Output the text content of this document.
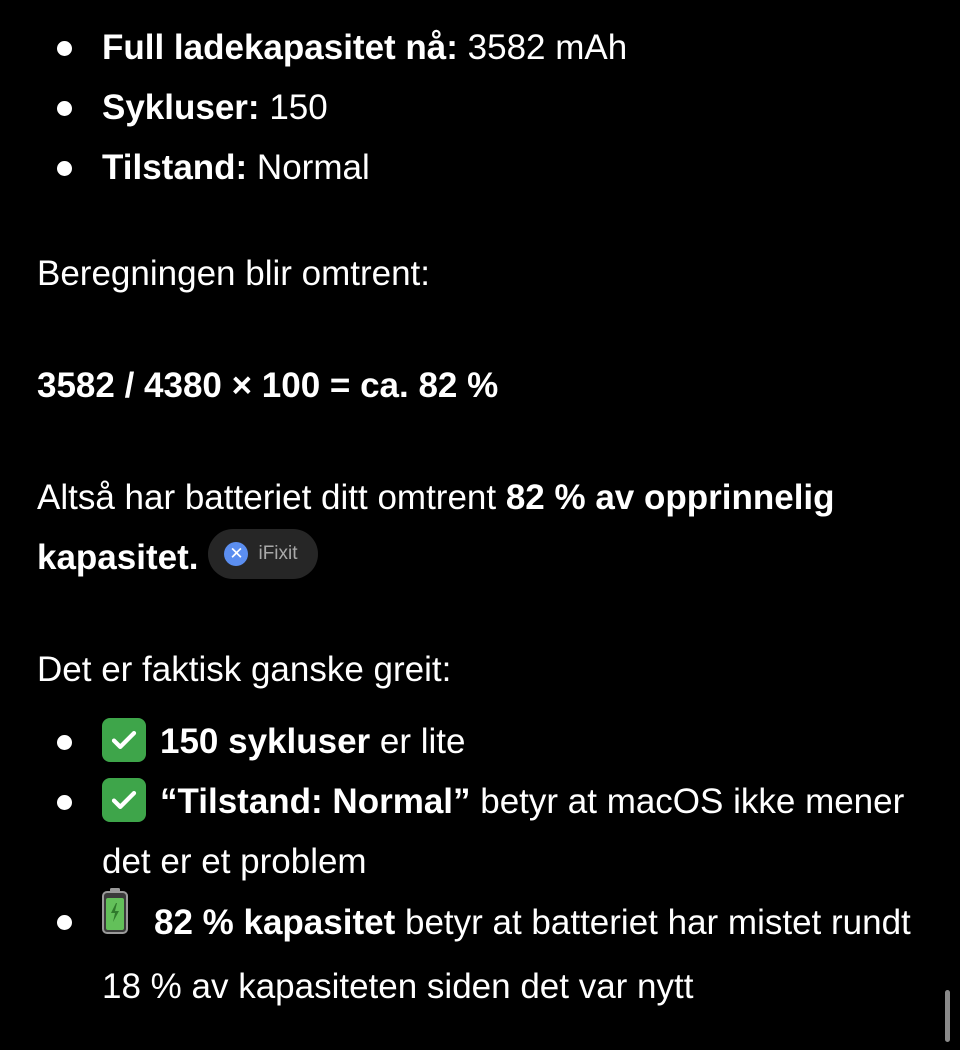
Full ladekapasitet nå: 3582 mAh
Sykluser: 150
Tilstand: Normal

Beregningen blir omtrent:

3582 / 4380 × 100 = ca. 82 %

Altså har batteriet ditt omtrent 82 % av opprinnelig kapasitet. ✕ iFixit

Det er faktisk ganske greit:

150 sykluser er lite
“Tilstand: Normal” betyr at macOS ikke mener det er et problem
82 % kapasitet betyr at batteriet har mistet rundt 18 % av kapasiteten siden det var nytt
